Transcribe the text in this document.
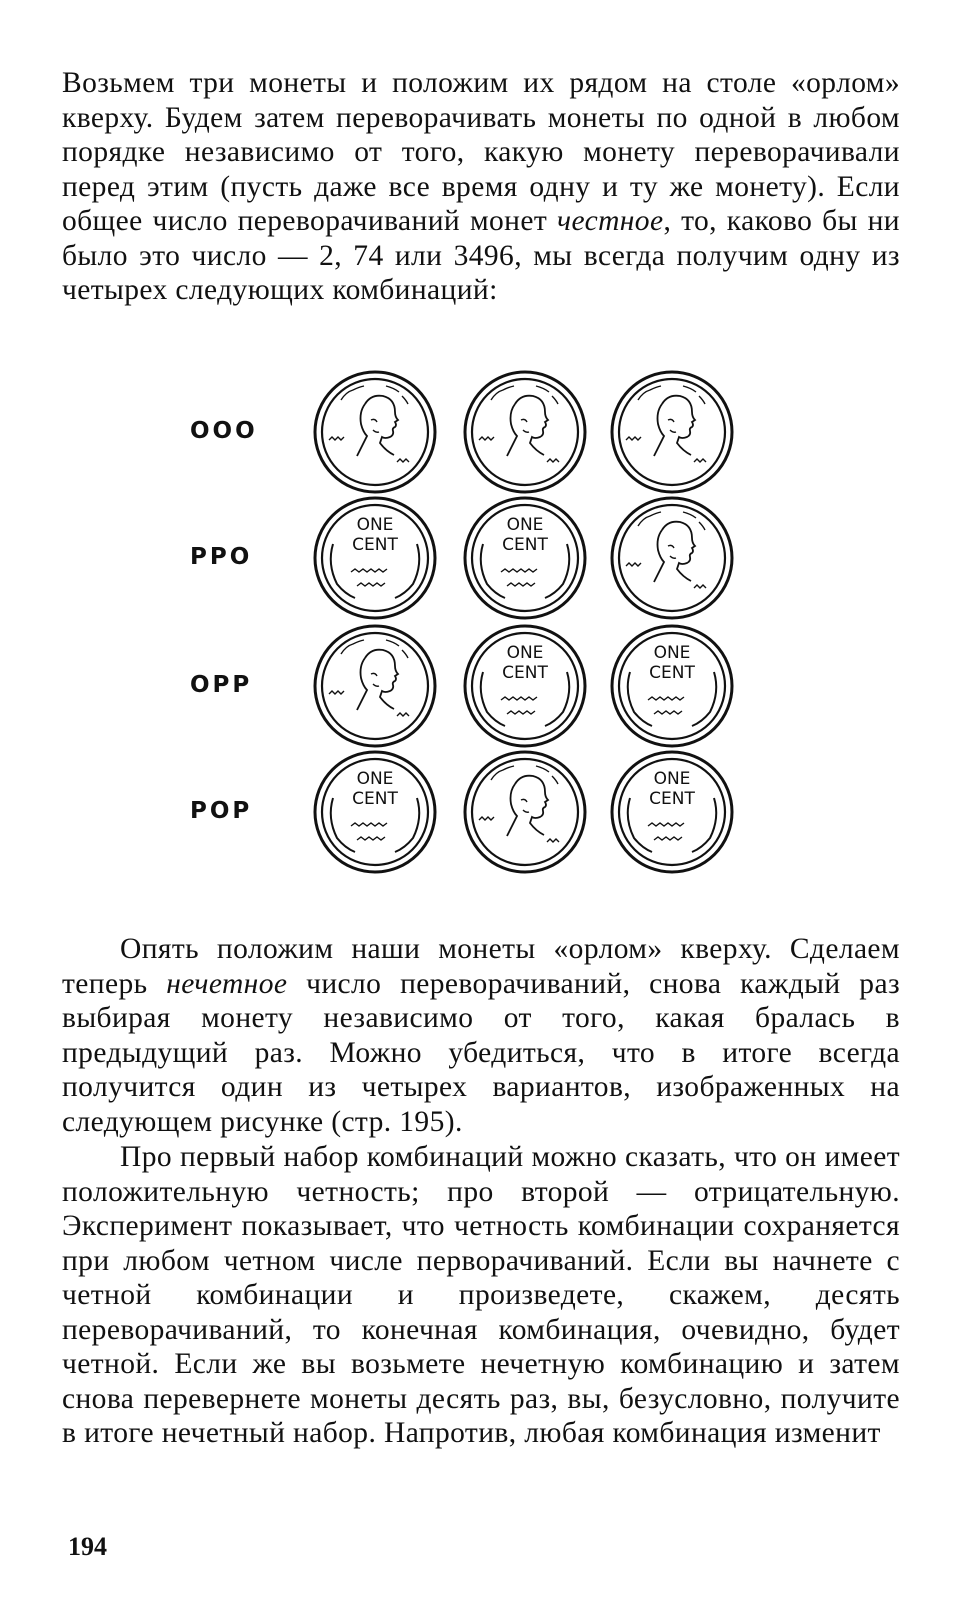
Возьмем три монеты и положим их рядом на столе «орлом» кверху. Будем затем переворачивать монеты по одной в любом порядке независимо от того, какую монету переворачивали перед этим (пусть даже все время одну и ту же монету). Если общее число переворачиваний монет честное, то, каково бы ни было это число — 2, 74 или 3496, мы всегда получим одну из четырех следующих комбинаций:

OOO
PPO
ONE
CENT
ONE
CENT
OPP
ONE
CENT
ONE
CENT
POP
ONE
CENT
ONE
CENT

Опять положим наши монеты «орлом» кверху. Сделаем теперь нечетное число переворачиваний, снова каждый раз выбирая монету независимо от того, какая бралась в предыдущий раз. Можно убедиться, что в итоге всегда получится один из четырех вариантов, изображенных на следующем рисунке (стр. 195).

Про первый набор комбинаций можно сказать, что он имеет положительную четность; про второй — отрицательную. Эксперимент показывает, что четность комбинации сохраняется при любом четном числе перворачиваний. Если вы начнете с четной комбинации и произведете, скажем, десять переворачиваний, то конечная комбинация, очевидно, будет четной. Если же вы возьмете нечетную комбинацию и затем снова перевернете монеты десять раз, вы, безусловно, получите в итоге нечетный набор. Напротив, любая комбинация изменит

194
